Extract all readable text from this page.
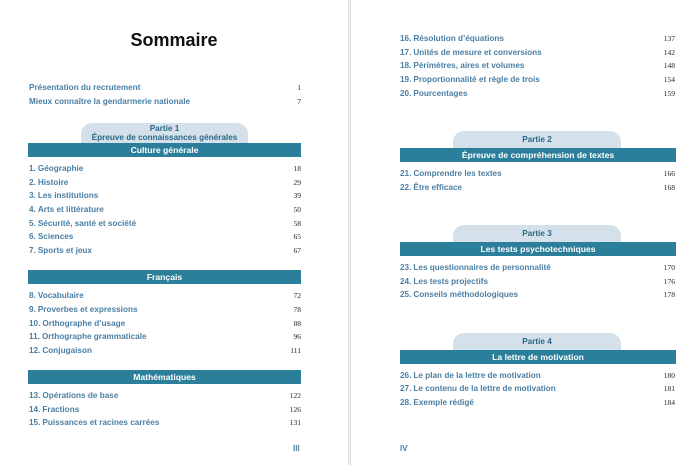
Sommaire
Présentation du recrutement	1
Mieux connaître la gendarmerie nationale	7
Partie 1
Épreuve de connaissances générales
Culture générale
1. Géographie	18
2. Histoire	29
3. Les institutions	39
4. Arts et littérature	50
5. Sécurité, santé et société	58
6. Sciences	65
7. Sports et jeux	67
Français
8. Vocabulaire	72
9. Proverbes et expressions	78
10. Orthographe d’usage	88
11. Orthographe grammaticale	96
12. Conjugaison	111
Mathématiques
13. Opérations de base	122
14. Fractions	126
15. Puissances et racines carrées	131
III
16. Résolution d’équations	137
17. Unités de mesure et conversions	142
18. Périmètres, aires et volumes	148
19. Proportionnalité et règle de trois	154
20. Pourcentages	159
Partie 2
Épreuve de compréhension de textes
21. Comprendre les textes	166
22. Être efficace	168
Partie 3
Les tests psychotechniques
23. Les questionnaires de personnalité	170
24. Les tests projectifs	176
25. Conseils méthodologiques	178
Partie 4
La lettre de motivation
26. Le plan de la lettre de motivation	180
27. Le contenu de la lettre de motivation	181
28. Exemple rédigé	184
IV
